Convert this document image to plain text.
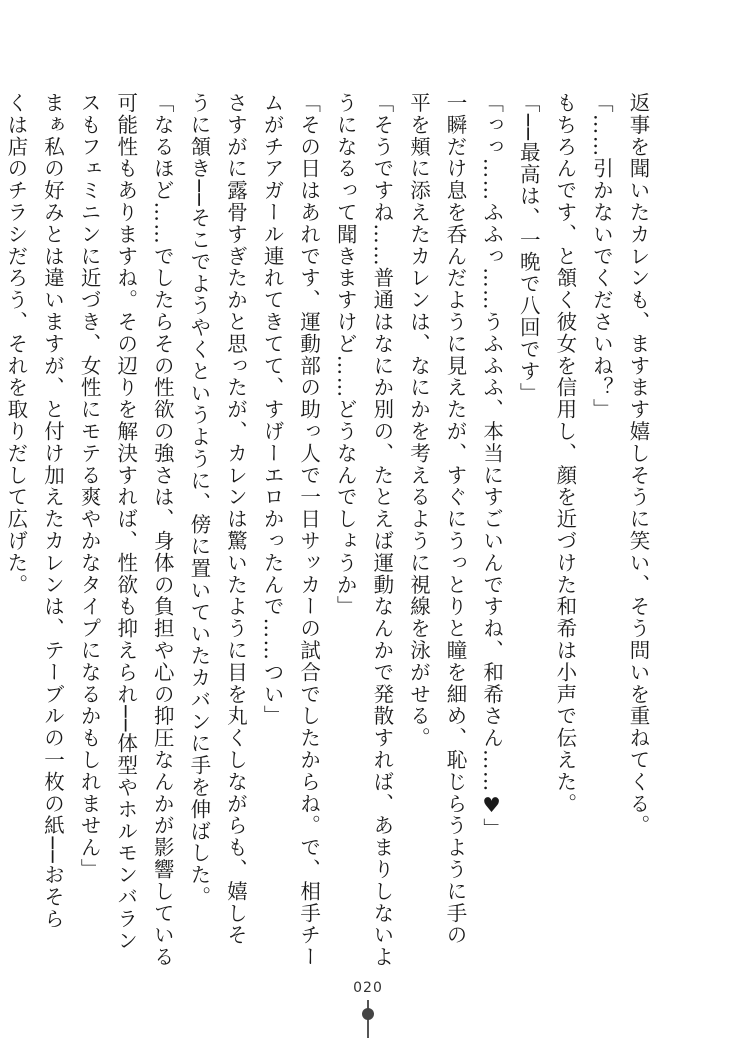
返事を聞いたカレンも、ますます嬉しそうに笑い、そう問いを重ねてくる。
「……引かないでくださいね？」
もちろんです、と頷く彼女を信用し、顔を近づけた和希は小声で伝えた。
「──最高は、一晩で八回です」
「っっ……ふふっ……うふふふ、本当にすごいんですね、和希さん……♥」
一瞬だけ息を呑んだように見えたが、すぐにうっとりと瞳を細め、恥じらうように手の
平を頬に添えたカレンは、なにかを考えるように視線を泳がせる。
「そうですね……普通はなにか別の、たとえば運動なんかで発散すれば、あまりしないよ
うになるって聞きますけど……どうなんでしょうか」
「その日はあれです、運動部の助っ人で一日サッカーの試合でしたからね。で、相手チー
ムがチアガール連れてきてて、すげーエロかったんで……つい」
さすがに露骨すぎたかと思ったが、カレンは驚いたように目を丸くしながらも、嬉しそ
うに頷き──そこでようやくというように、傍に置いていたカバンに手を伸ばした。
「なるほど……でしたらその性欲の強さは、身体の負担や心の抑圧なんかが影響している
可能性もありますね。その辺りを解決すれば、性欲も抑えられ──体型やホルモンバラン
スもフェミニンに近づき、女性にモテる爽やかなタイプになるかもしれません」
まぁ私の好みとは違いますが、と付け加えたカレンは、テーブルの一枚の紙──おそら
くは店のチラシだろう、それを取りだして広げた。
020
